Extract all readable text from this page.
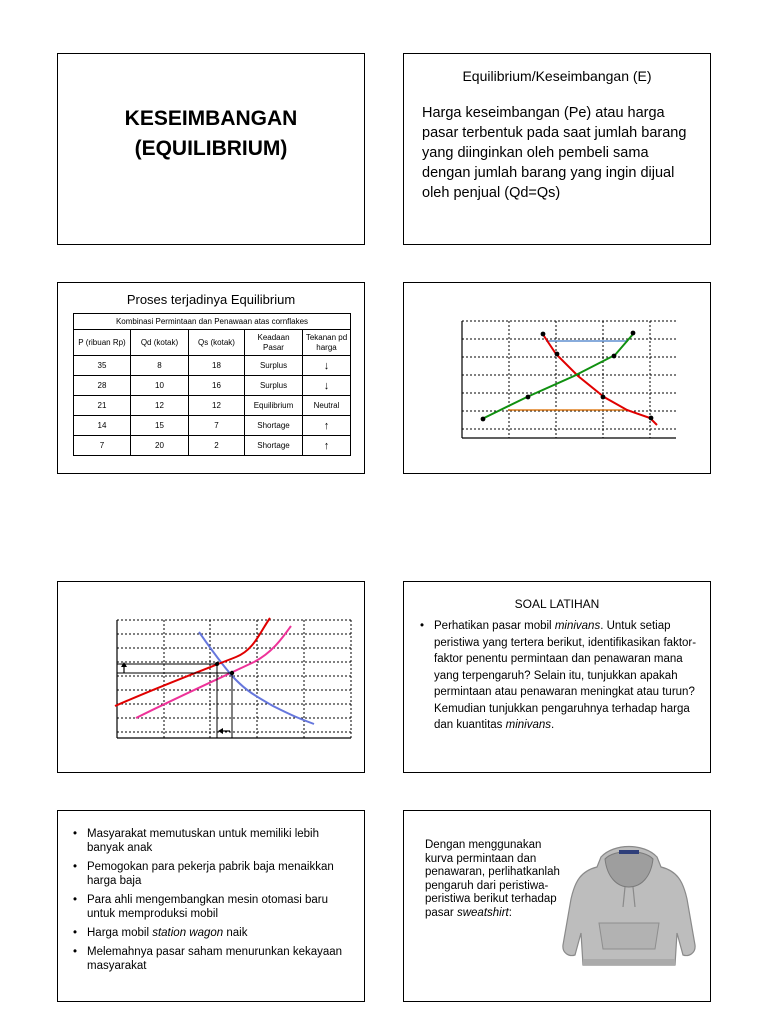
KESEIMBANGAN
(EQUILIBRIUM)
Equilibrium/Keseimbangan (E)
Harga keseimbangan (Pe) atau harga pasar terbentuk pada saat jumlah barang yang diinginkan oleh pembeli sama dengan jumlah barang yang ingin dijual oleh penjual (Qd=Qs)
Proses terjadinya Equilibrium
Kombinasi Permintaan dan Penawaan atas cornflakes				
P (ribuan Rp)	Qd (kotak)	Qs (kotak)	Keadaan Pasar	Tekanan pd harga
35	8	18	Surplus	↓
28	10	16	Surplus	↓
21	12	12	Equilibrium	Neutral
14	15	7	Shortage	↑
7	20	2	Shortage	↑
SOAL LATIHAN
• Perhatikan pasar mobil minivans. Untuk setiap peristiwa yang tertera berikut, identifikasikan faktor-faktor penentu permintaan dan penawaran mana yang terpengaruh? Selain itu, tunjukkan apakah permintaan atau penawaran meningkat atau turun? Kemudian tunjukkan pengaruhnya terhadap harga dan kuantitas minivans.
• Masyarakat memutuskan untuk memiliki lebih banyak anak
• Pemogokan para pekerja pabrik baja menaikkan harga baja
• Para ahli mengembangkan mesin otomasi baru untuk memproduksi mobil
• Harga mobil station wagon naik
• Melemahnya pasar saham menurunkan kekayaan masyarakat
Dengan menggunakan kurva permintaan dan penawaran, perlihatkanlah pengaruh dari peristiwa-peristiwa berikut terhadap pasar sweatshirt:
